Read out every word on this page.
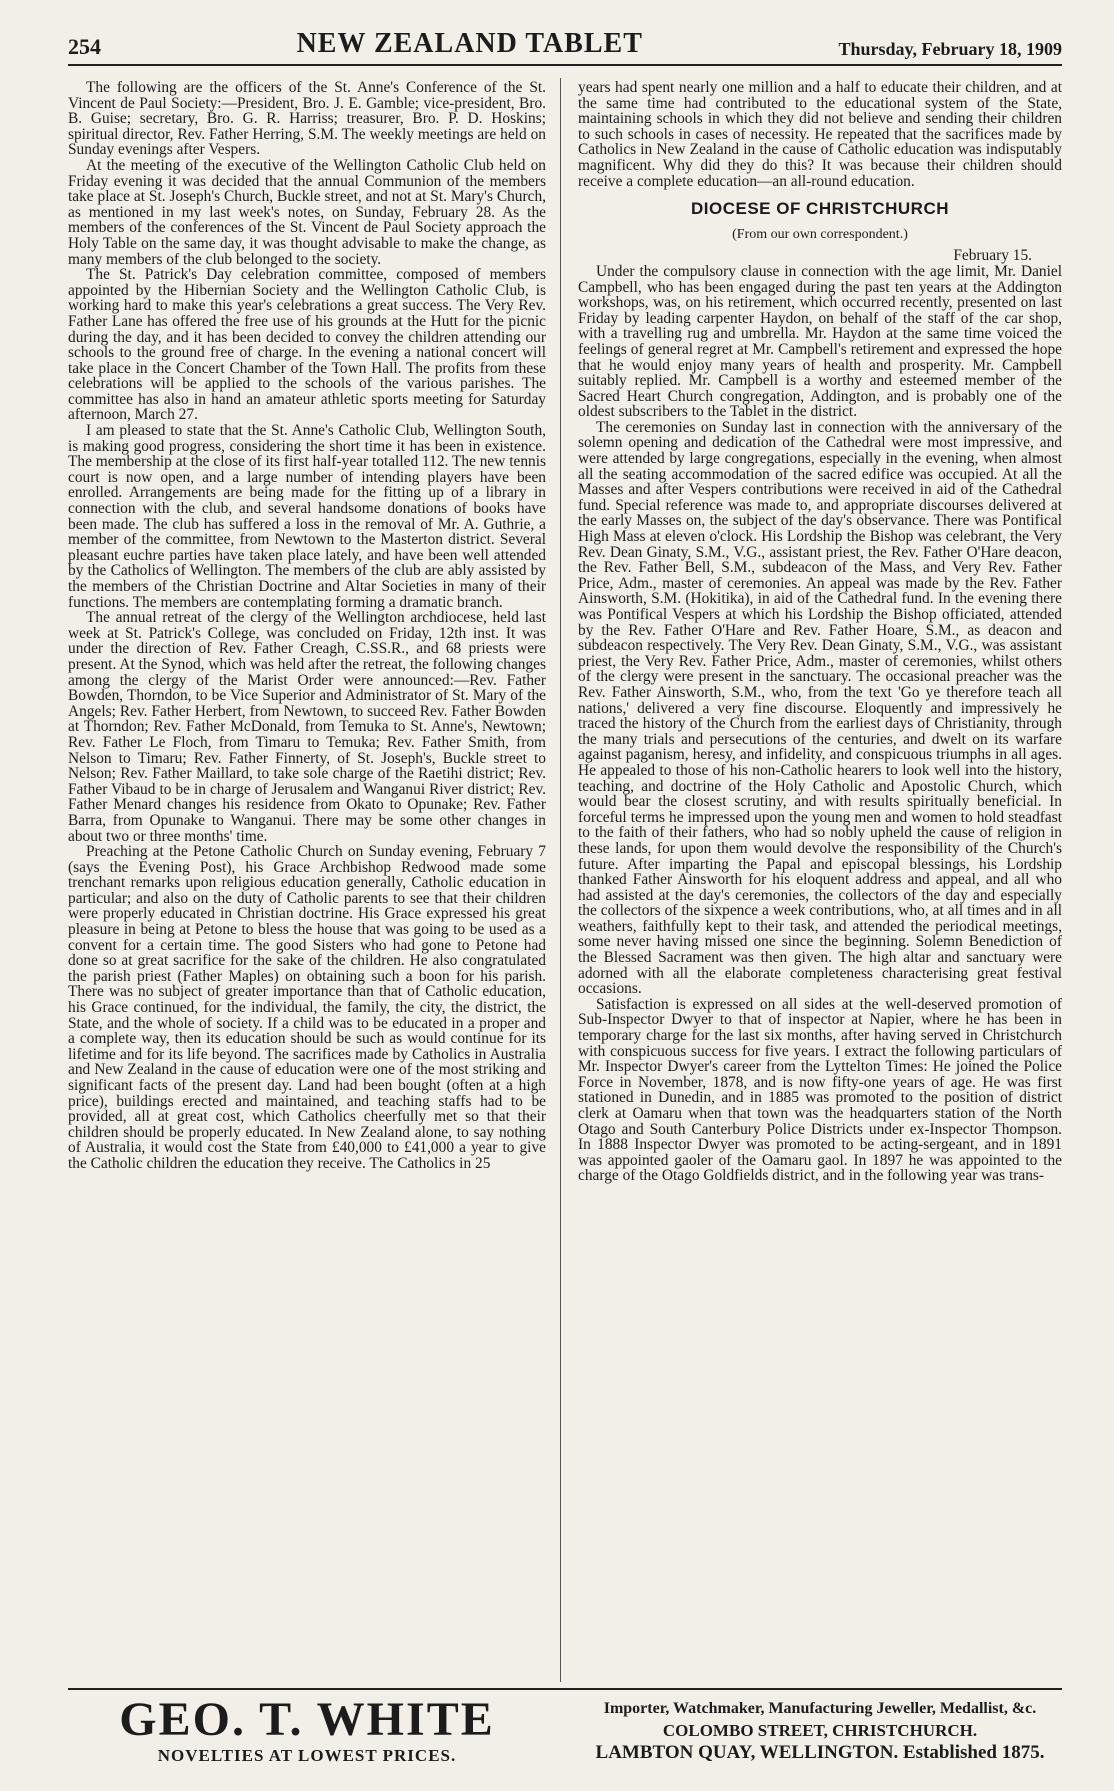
254	NEW ZEALAND TABLET	Thursday, February 18, 1909

The following are the officers of the St. Anne's Conference of the St. Vincent de Paul Society:—President, Bro. J. E. Gamble; vice-president, Bro. B. Guise; secretary, Bro. G. R. Harriss; treasurer, Bro. P. D. Hoskins; spiritual director, Rev. Father Herring, S.M. The weekly meetings are held on Sunday evenings after Vespers.

At the meeting of the executive of the Wellington Catholic Club held on Friday evening it was decided that the annual Communion of the members take place at St. Joseph's Church, Buckle street, and not at St. Mary's Church, as mentioned in my last week's notes, on Sunday, February 28. As the members of the conferences of the St. Vincent de Paul Society approach the Holy Table on the same day, it was thought advisable to make the change, as many members of the club belonged to the society.

The St. Patrick's Day celebration committee, composed of members appointed by the Hibernian Society and the Wellington Catholic Club, is working hard to make this year's celebrations a great success. The Very Rev. Father Lane has offered the free use of his grounds at the Hutt for the picnic during the day, and it has been decided to convey the children attending our schools to the ground free of charge. In the evening a national concert will take place in the Concert Chamber of the Town Hall. The profits from these celebrations will be applied to the schools of the various parishes. The committee has also in hand an amateur athletic sports meeting for Saturday afternoon, March 27.

I am pleased to state that the St. Anne's Catholic Club, Wellington South, is making good progress, considering the short time it has been in existence. The membership at the close of its first half-year totalled 112. The new tennis court is now open, and a large number of intending players have been enrolled. Arrangements are being made for the fitting up of a library in connection with the club, and several handsome donations of books have been made. The club has suffered a loss in the removal of Mr. A. Guthrie, a member of the committee, from Newtown to the Masterton district. Several pleasant euchre parties have taken place lately, and have been well attended by the Catholics of Wellington. The members of the club are ably assisted by the members of the Christian Doctrine and Altar Societies in many of their functions. The members are contemplating forming a dramatic branch.

The annual retreat of the clergy of the Wellington archdiocese, held last week at St. Patrick's College, was concluded on Friday, 12th inst. It was under the direction of Rev. Father Creagh, C.SS.R., and 68 priests were present. At the Synod, which was held after the retreat, the following changes among the clergy of the Marist Order were announced:—Rev. Father Bowden, Thorndon, to be Vice Superior and Administrator of St. Mary of the Angels; Rev. Father Herbert, from Newtown, to succeed Rev. Father Bowden at Thorndon; Rev. Father McDonald, from Temuka to St. Anne's, Newtown; Rev. Father Le Floch, from Timaru to Temuka; Rev. Father Smith, from Nelson to Timaru; Rev. Father Finnerty, of St. Joseph's, Buckle street to Nelson; Rev. Father Maillard, to take sole charge of the Raetihi district; Rev. Father Vibaud to be in charge of Jerusalem and Wanganui River district; Rev. Father Menard changes his residence from Okato to Opunake; Rev. Father Barra, from Opunake to Wanganui. There may be some other changes in about two or three months' time.

Preaching at the Petone Catholic Church on Sunday evening, February 7 (says the Evening Post), his Grace Archbishop Redwood made some trenchant remarks upon religious education generally, Catholic education in particular; and also on the duty of Catholic parents to see that their children were properly educated in Christian doctrine. His Grace expressed his great pleasure in being at Petone to bless the house that was going to be used as a convent for a certain time. The good Sisters who had gone to Petone had done so at great sacrifice for the sake of the children. He also congratulated the parish priest (Father Maples) on obtaining such a boon for his parish. There was no subject of greater importance than that of Catholic education, his Grace continued, for the individual, the family, the city, the district, the State, and the whole of society. If a child was to be educated in a proper and a complete way, then its education should be such as would continue for its lifetime and for its life beyond. The sacrifices made by Catholics in Australia and New Zealand in the cause of education were one of the most striking and significant facts of the present day. Land had been bought (often at a high price), buildings erected and maintained, and teaching staffs had to be provided, all at great cost, which Catholics cheerfully met so that their children should be properly educated. In New Zealand alone, to say nothing of Australia, it would cost the State from £40,000 to £41,000 a year to give the Catholic children the education they receive. The Catholics in 25

years had spent nearly one million and a half to educate their children, and at the same time had contributed to the educational system of the State, maintaining schools in which they did not believe and sending their children to such schools in cases of necessity. He repeated that the sacrifices made by Catholics in New Zealand in the cause of Catholic education was indisputably magnificent. Why did they do this? It was because their children should receive a complete education—an all-round education.

DIOCESE OF CHRISTCHURCH
(From our own correspondent.)
February 15.

Under the compulsory clause in connection with the age limit, Mr. Daniel Campbell, who has been engaged during the past ten years at the Addington workshops, was, on his retirement, which occurred recently, presented on last Friday by leading carpenter Haydon, on behalf of the staff of the car shop, with a travelling rug and umbrella. Mr. Haydon at the same time voiced the feelings of general regret at Mr. Campbell's retirement and expressed the hope that he would enjoy many years of health and prosperity. Mr. Campbell suitably replied. Mr. Campbell is a worthy and esteemed member of the Sacred Heart Church congregation, Addington, and is probably one of the oldest subscribers to the Tablet in the district.

The ceremonies on Sunday last in connection with the anniversary of the solemn opening and dedication of the Cathedral were most impressive, and were attended by large congregations, especially in the evening, when almost all the seating accommodation of the sacred edifice was occupied. At all the Masses and after Vespers contributions were received in aid of the Cathedral fund. Special reference was made to, and appropriate discourses delivered at the early Masses on, the subject of the day's observance. There was Pontifical High Mass at eleven o'clock. His Lordship the Bishop was celebrant, the Very Rev. Dean Ginaty, S.M., V.G., assistant priest, the Rev. Father O'Hare deacon, the Rev. Father Bell, S.M., subdeacon of the Mass, and Very Rev. Father Price, Adm., master of ceremonies. An appeal was made by the Rev. Father Ainsworth, S.M. (Hokitika), in aid of the Cathedral fund. In the evening there was Pontifical Vespers at which his Lordship the Bishop officiated, attended by the Rev. Father O'Hare and Rev. Father Hoare, S.M., as deacon and subdeacon respectively. The Very Rev. Dean Ginaty, S.M., V.G., was assistant priest, the Very Rev. Father Price, Adm., master of ceremonies, whilst others of the clergy were present in the sanctuary. The occasional preacher was the Rev. Father Ainsworth, S.M., who, from the text 'Go ye therefore teach all nations,' delivered a very fine discourse. Eloquently and impressively he traced the history of the Church from the earliest days of Christianity, through the many trials and persecutions of the centuries, and dwelt on its warfare against paganism, heresy, and infidelity, and conspicuous triumphs in all ages. He appealed to those of his non-Catholic hearers to look well into the history, teaching, and doctrine of the Holy Catholic and Apostolic Church, which would bear the closest scrutiny, and with results spiritually beneficial. In forceful terms he impressed upon the young men and women to hold steadfast to the faith of their fathers, who had so nobly upheld the cause of religion in these lands, for upon them would devolve the responsibility of the Church's future. After imparting the Papal and episcopal blessings, his Lordship thanked Father Ainsworth for his eloquent address and appeal, and all who had assisted at the day's ceremonies, the collectors of the day and especially the collectors of the sixpence a week contributions, who, at all times and in all weathers, faithfully kept to their task, and attended the periodical meetings, some never having missed one since the beginning. Solemn Benediction of the Blessed Sacrament was then given. The high altar and sanctuary were adorned with all the elaborate completeness characterising great festival occasions.

Satisfaction is expressed on all sides at the well-deserved promotion of Sub-Inspector Dwyer to that of inspector at Napier, where he has been in temporary charge for the last six months, after having served in Christchurch with conspicuous success for five years. I extract the following particulars of Mr. Inspector Dwyer's career from the Lyttelton Times: He joined the Police Force in November, 1878, and is now fifty-one years of age. He was first stationed in Dunedin, and in 1885 was promoted to the position of district clerk at Oamaru when that town was the headquarters station of the North Otago and South Canterbury Police Districts under ex-Inspector Thompson. In 1888 Inspector Dwyer was promoted to be acting-sergeant, and in 1891 was appointed gaoler of the Oamaru gaol. In 1897 he was appointed to the charge of the Otago Goldfields district, and in the following year was trans-

GEO. T. WHITE
NOVELTIES AT LOWEST PRICES.
Importer, Watchmaker, Manufacturing Jeweller, Medallist, &c.
COLOMBO STREET, CHRISTCHURCH.
LAMBTON QUAY, WELLINGTON. Established 1875.
